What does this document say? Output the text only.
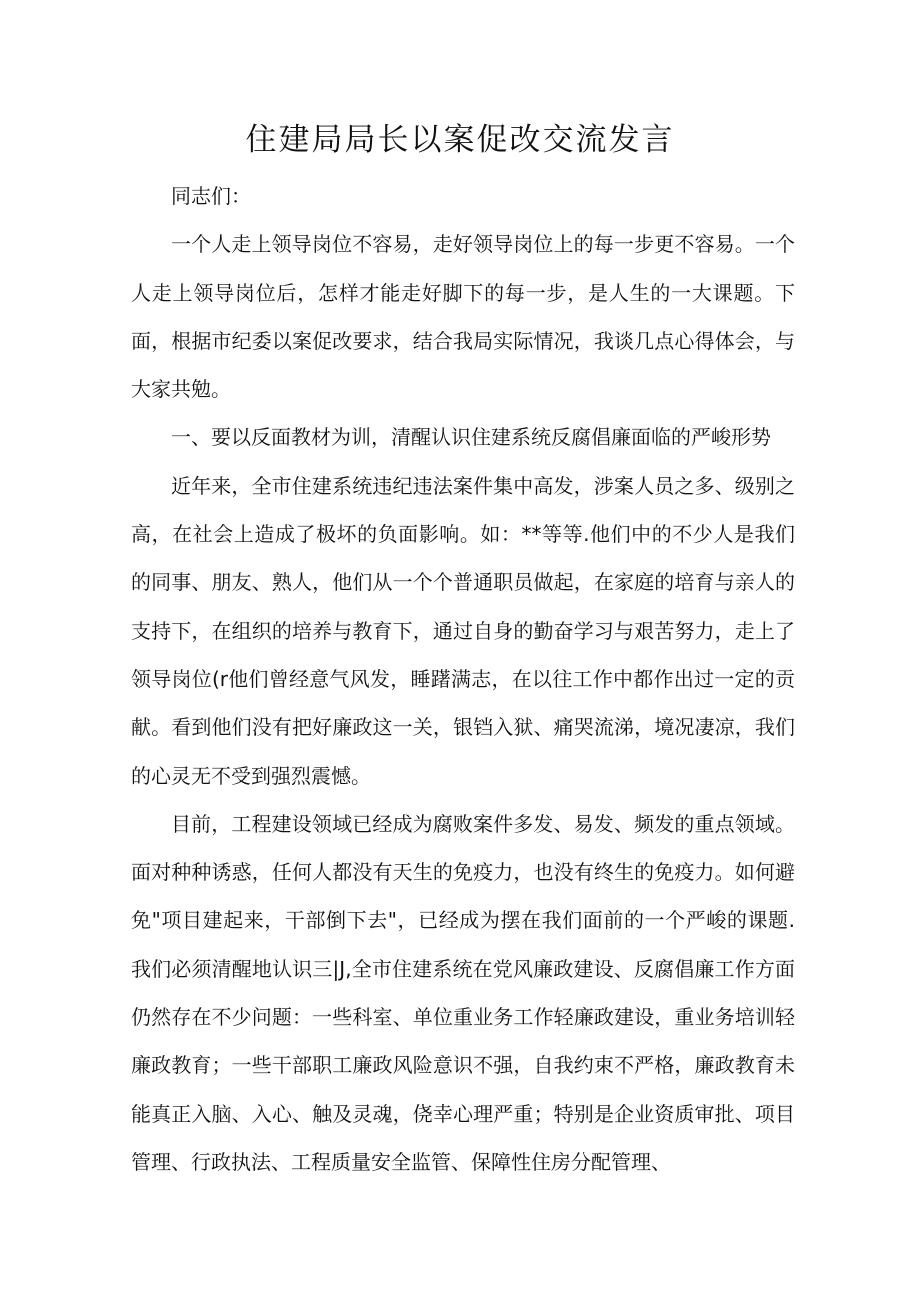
住建局局长以案促改交流发言

同志们：

一个人走上领导岗位不容易，走好领导岗位上的每一步更不容易。一个人走上领导岗位后，怎样才能走好脚下的每一步，是人生的一大课题。下面，根据市纪委以案促改要求，结合我局实际情况，我谈几点心得体会，与大家共勉。

一、要以反面教材为训，清醒认识住建系统反腐倡廉面临的严峻形势

近年来，全市住建系统违纪违法案件集中高发，涉案人员之多、级别之高，在社会上造成了极坏的负面影响。如：**等等.他们中的不少人是我们的同事、朋友、熟人，他们从一个个普通职员做起，在家庭的培育与亲人的支持下，在组织的培养与教育下，通过自身的勤奋学习与艰苦努力，走上了领导岗位(r他们曾经意气风发，睡躇满志，在以往工作中都作出过一定的贡献。看到他们没有把好廉政这一关，银铛入狱、痛哭流涕，境况凄凉，我们的心灵无不受到强烈震憾。

目前，工程建设领域已经成为腐败案件多发、易发、频发的重点领域。面对种种诱惑，任何人都没有天生的免疫力，也没有终生的免疫力。如何避免"项目建起来，干部倒下去"，已经成为摆在我们面前的一个严峻的课题.我们必须清醒地认识三|J,全市住建系统在党风廉政建设、反腐倡廉工作方面仍然存在不少问题：一些科室、单位重业务工作轻廉政建设，重业务培训轻廉政教育；一些干部职工廉政风险意识不强，自我约束不严格，廉政教育未能真正入脑、入心、触及灵魂，侥幸心理严重；特别是企业资质审批、项目管理、行政执法、工程质量安全监管、保障性住房分配管理、
